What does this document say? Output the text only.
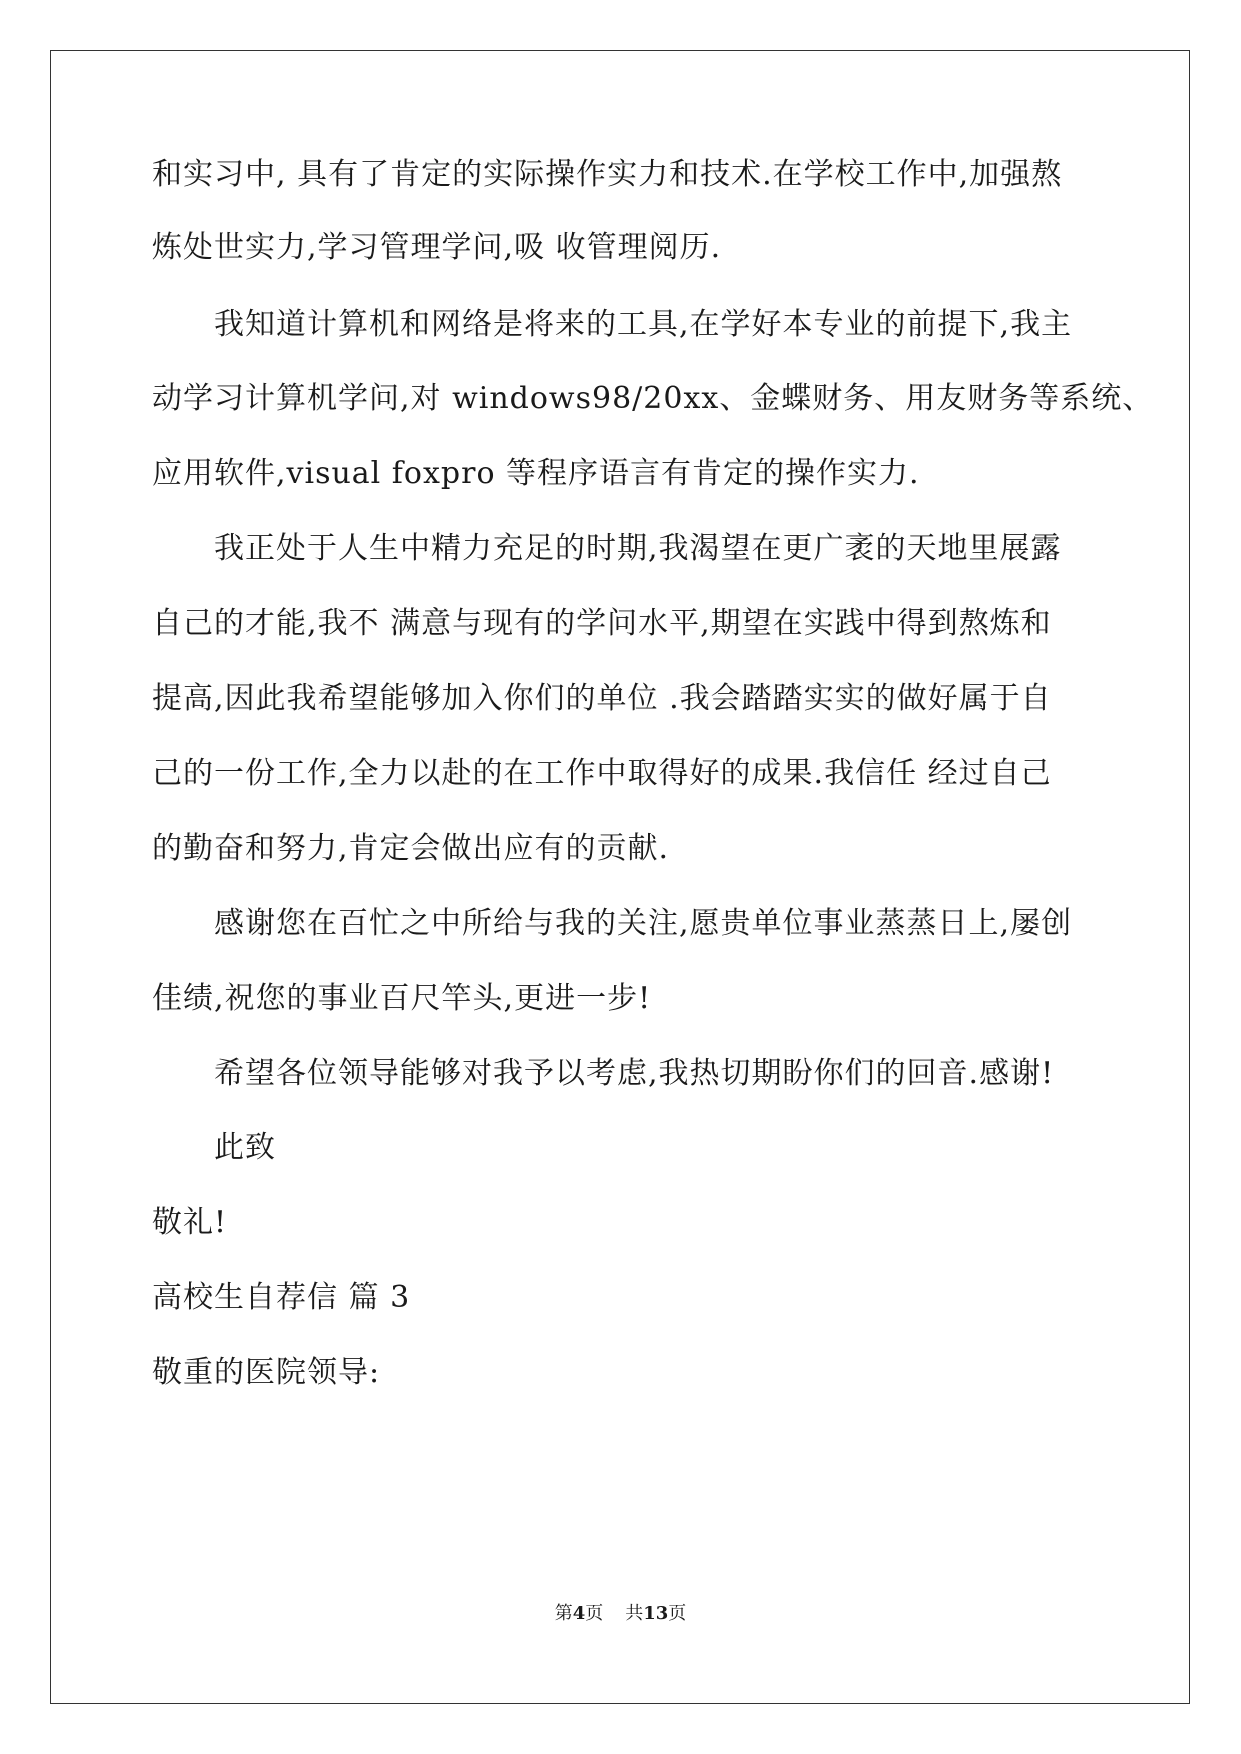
和实习中, 具有了肯定的实际操作实力和技术.在学校工作中,加强熬
炼处世实力,学习管理学问,吸 收管理阅历.
我知道计算机和网络是将来的工具,在学好本专业的前提下,我主
动学习计算机学问,对 windows98/20xx、金蝶财务、用友财务等系统、
应用软件,visual foxpro 等程序语言有肯定的操作实力.
我正处于人生中精力充足的时期,我渴望在更广袤的天地里展露
自己的才能,我不 满意与现有的学问水平,期望在实践中得到熬炼和
提高,因此我希望能够加入你们的单位 .我会踏踏实实的做好属于自
己的一份工作,全力以赴的在工作中取得好的成果.我信任 经过自己
的勤奋和努力,肯定会做出应有的贡献.
感谢您在百忙之中所给与我的关注,愿贵单位事业蒸蒸日上,屡创
佳绩,祝您的事业百尺竿头,更进一步!
希望各位领导能够对我予以考虑,我热切期盼你们的回音.感谢!
此致
敬礼!
高校生自荐信 篇 3
敬重的医院领导:
第4页 共13页
